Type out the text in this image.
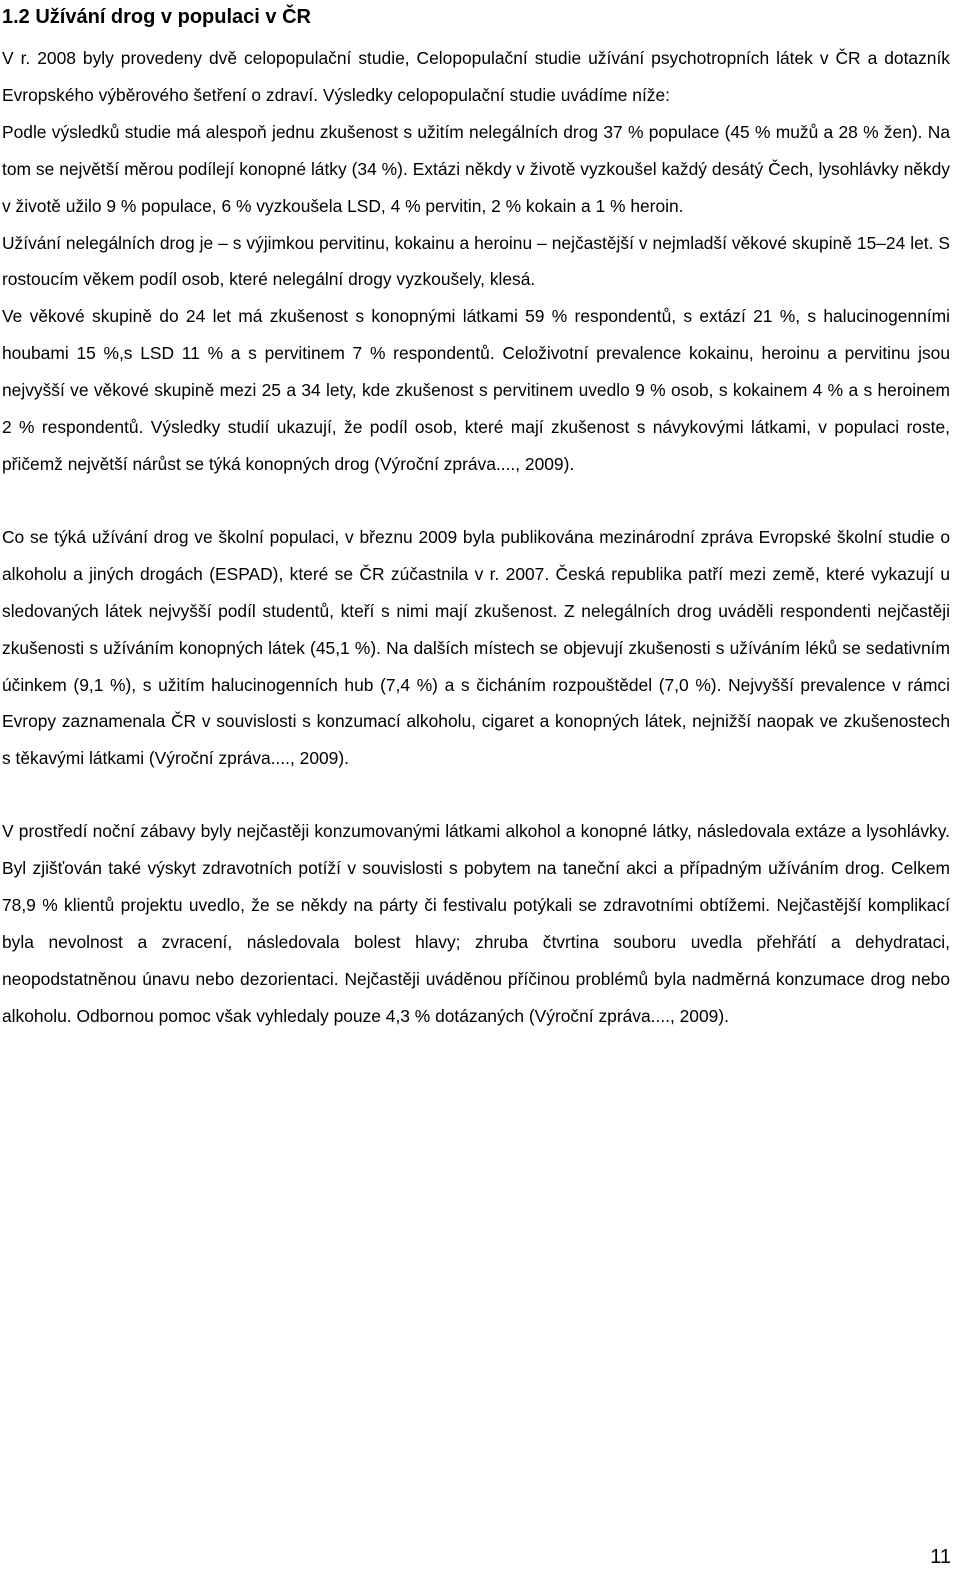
1.2 Užívání drog v populaci v ČR

V r. 2008 byly provedeny dvě celopopulační studie, Celopopulační studie užívání psychotropních látek v ČR a dotazník Evropského výběrového šetření o zdraví. Výsledky celopopulační studie uvádíme níže:

Podle výsledků studie má alespoň jednu zkušenost s užitím nelegálních drog 37 % populace (45 % mužů a 28 % žen). Na tom se největší měrou podílejí konopné látky (34 %). Extázi někdy v životě vyzkoušel každý desátý Čech, lysohlávky někdy v životě užilo 9 % populace, 6 % vyzkoušela LSD, 4 % pervitin, 2 % kokain a 1 % heroin.

Užívání nelegálních drog je – s výjimkou pervitinu, kokainu a heroinu – nejčastější v nejmladší věkové skupině 15–24 let. S rostoucím věkem podíl osob, které nelegální drogy vyzkoušely, klesá.

Ve věkové skupině do 24 let má zkušenost s konopnými látkami 59 % respondentů, s extází 21 %, s halucinogenními houbami 15 %,s LSD 11 % a s pervitinem 7 % respondentů. Celoživotní prevalence kokainu, heroinu a pervitinu jsou nejvyšší ve věkové skupině mezi 25 a 34 lety, kde zkušenost s pervitinem uvedlo 9 % osob, s kokainem 4 % a s heroinem 2 % respondentů. Výsledky studií ukazují, že podíl osob, které mají zkušenost s návykovými látkami, v populaci roste, přičemž největší nárůst se týká konopných drog (Výroční zpráva...., 2009).

Co se týká užívání drog ve školní populaci, v březnu 2009 byla publikována mezinárodní zpráva Evropské školní studie o alkoholu a jiných drogách (ESPAD), které se ČR zúčastnila v r. 2007. Česká republika patří mezi země, které vykazují u sledovaných látek nejvyšší podíl studentů, kteří s nimi mají zkušenost. Z nelegálních drog uváděli respondenti nejčastěji zkušenosti s užíváním konopných látek (45,1 %). Na dalších místech se objevují zkušenosti s užíváním léků se sedativním účinkem (9,1 %), s užitím halucinogenních hub (7,4 %) a s čicháním rozpouštědel (7,0 %). Nejvyšší prevalence v rámci Evropy zaznamenala ČR v souvislosti s konzumací alkoholu, cigaret a konopných látek, nejnižší naopak ve zkušenostech s těkavými látkami (Výroční zpráva...., 2009).

V prostředí noční zábavy byly nejčastěji konzumovanými látkami alkohol a konopné látky, následovala extáze a lysohlávky. Byl zjišťován také výskyt zdravotních potíží v souvislosti s pobytem na taneční akci a případným užíváním drog. Celkem 78,9 % klientů projektu uvedlo, že se někdy na párty či festivalu potýkali se zdravotními obtížemi. Nejčastější komplikací byla nevolnost a zvracení, následovala bolest hlavy; zhruba čtvrtina souboru uvedla přehřátí a dehydrataci, neopodstatněnou únavu nebo dezorientaci. Nejčastěji uváděnou příčinou problémů byla nadměrná konzumace drog nebo alkoholu. Odbornou pomoc však vyhledaly pouze 4,3 % dotázaných (Výroční zpráva...., 2009).

11
